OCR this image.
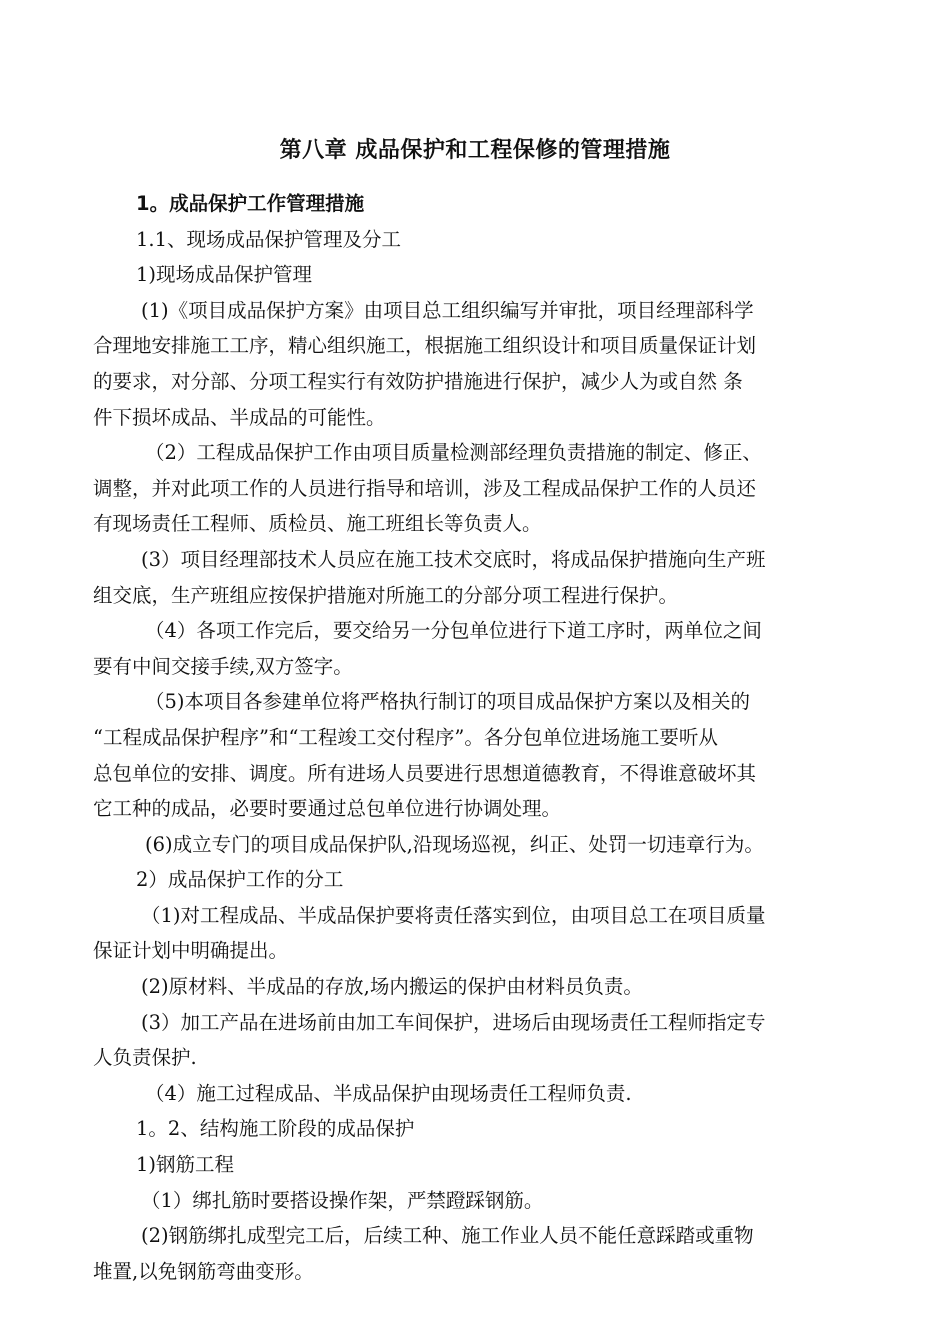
第八章 成品保护和工程保修的管理措施
1。成品保护工作管理措施
1.1、现场成品保护管理及分工
1)现场成品保护管理
(1)《项目成品保护方案》由项目总工组织编写并审批，项目经理部科学
合理地安排施工工序，精心组织施工，根据施工组织设计和项目质量保证计划
的要求，对分部、分项工程实行有效防护措施进行保护，减少人为或自然 条
件下损坏成品、半成品的可能性。
（2）工程成品保护工作由项目质量检测部经理负责措施的制定、修正、
调整，并对此项工作的人员进行指导和培训，涉及工程成品保护工作的人员还
有现场责任工程师、质检员、施工班组长等负责人。
(3）项目经理部技术人员应在施工技术交底时，将成品保护措施向生产班
组交底，生产班组应按保护措施对所施工的分部分项工程进行保护。
（4）各项工作完后，要交给另一分包单位进行下道工序时，两单位之间
要有中间交接手续,双方签字。
（5)本项目各参建单位将严格执行制订的项目成品保护方案以及相关的
“工程成品保护程序”和“工程竣工交付程序”。各分包单位进场施工要听从
总包单位的安排、调度。所有进场人员要进行思想道德教育，不得谁意破坏其
它工种的成品，必要时要通过总包单位进行协调处理。
(6)成立专门的项目成品保护队,沿现场巡视，纠正、处罚一切违章行为。
2）成品保护工作的分工
（1)对工程成品、半成品保护要将责任落实到位，由项目总工在项目质量
保证计划中明确提出。
(2)原材料、半成品的存放,场内搬运的保护由材料员负责。
(3）加工产品在进场前由加工车间保护，进场后由现场责任工程师指定专
人负责保护.
（4）施工过程成品、半成品保护由现场责任工程师负责.
1。2、结构施工阶段的成品保护
1)钢筋工程
（1）绑扎筋时要搭设操作架，严禁蹬踩钢筋。
(2)钢筋绑扎成型完工后，后续工种、施工作业人员不能任意踩踏或重物
堆置,以免钢筋弯曲变形。
